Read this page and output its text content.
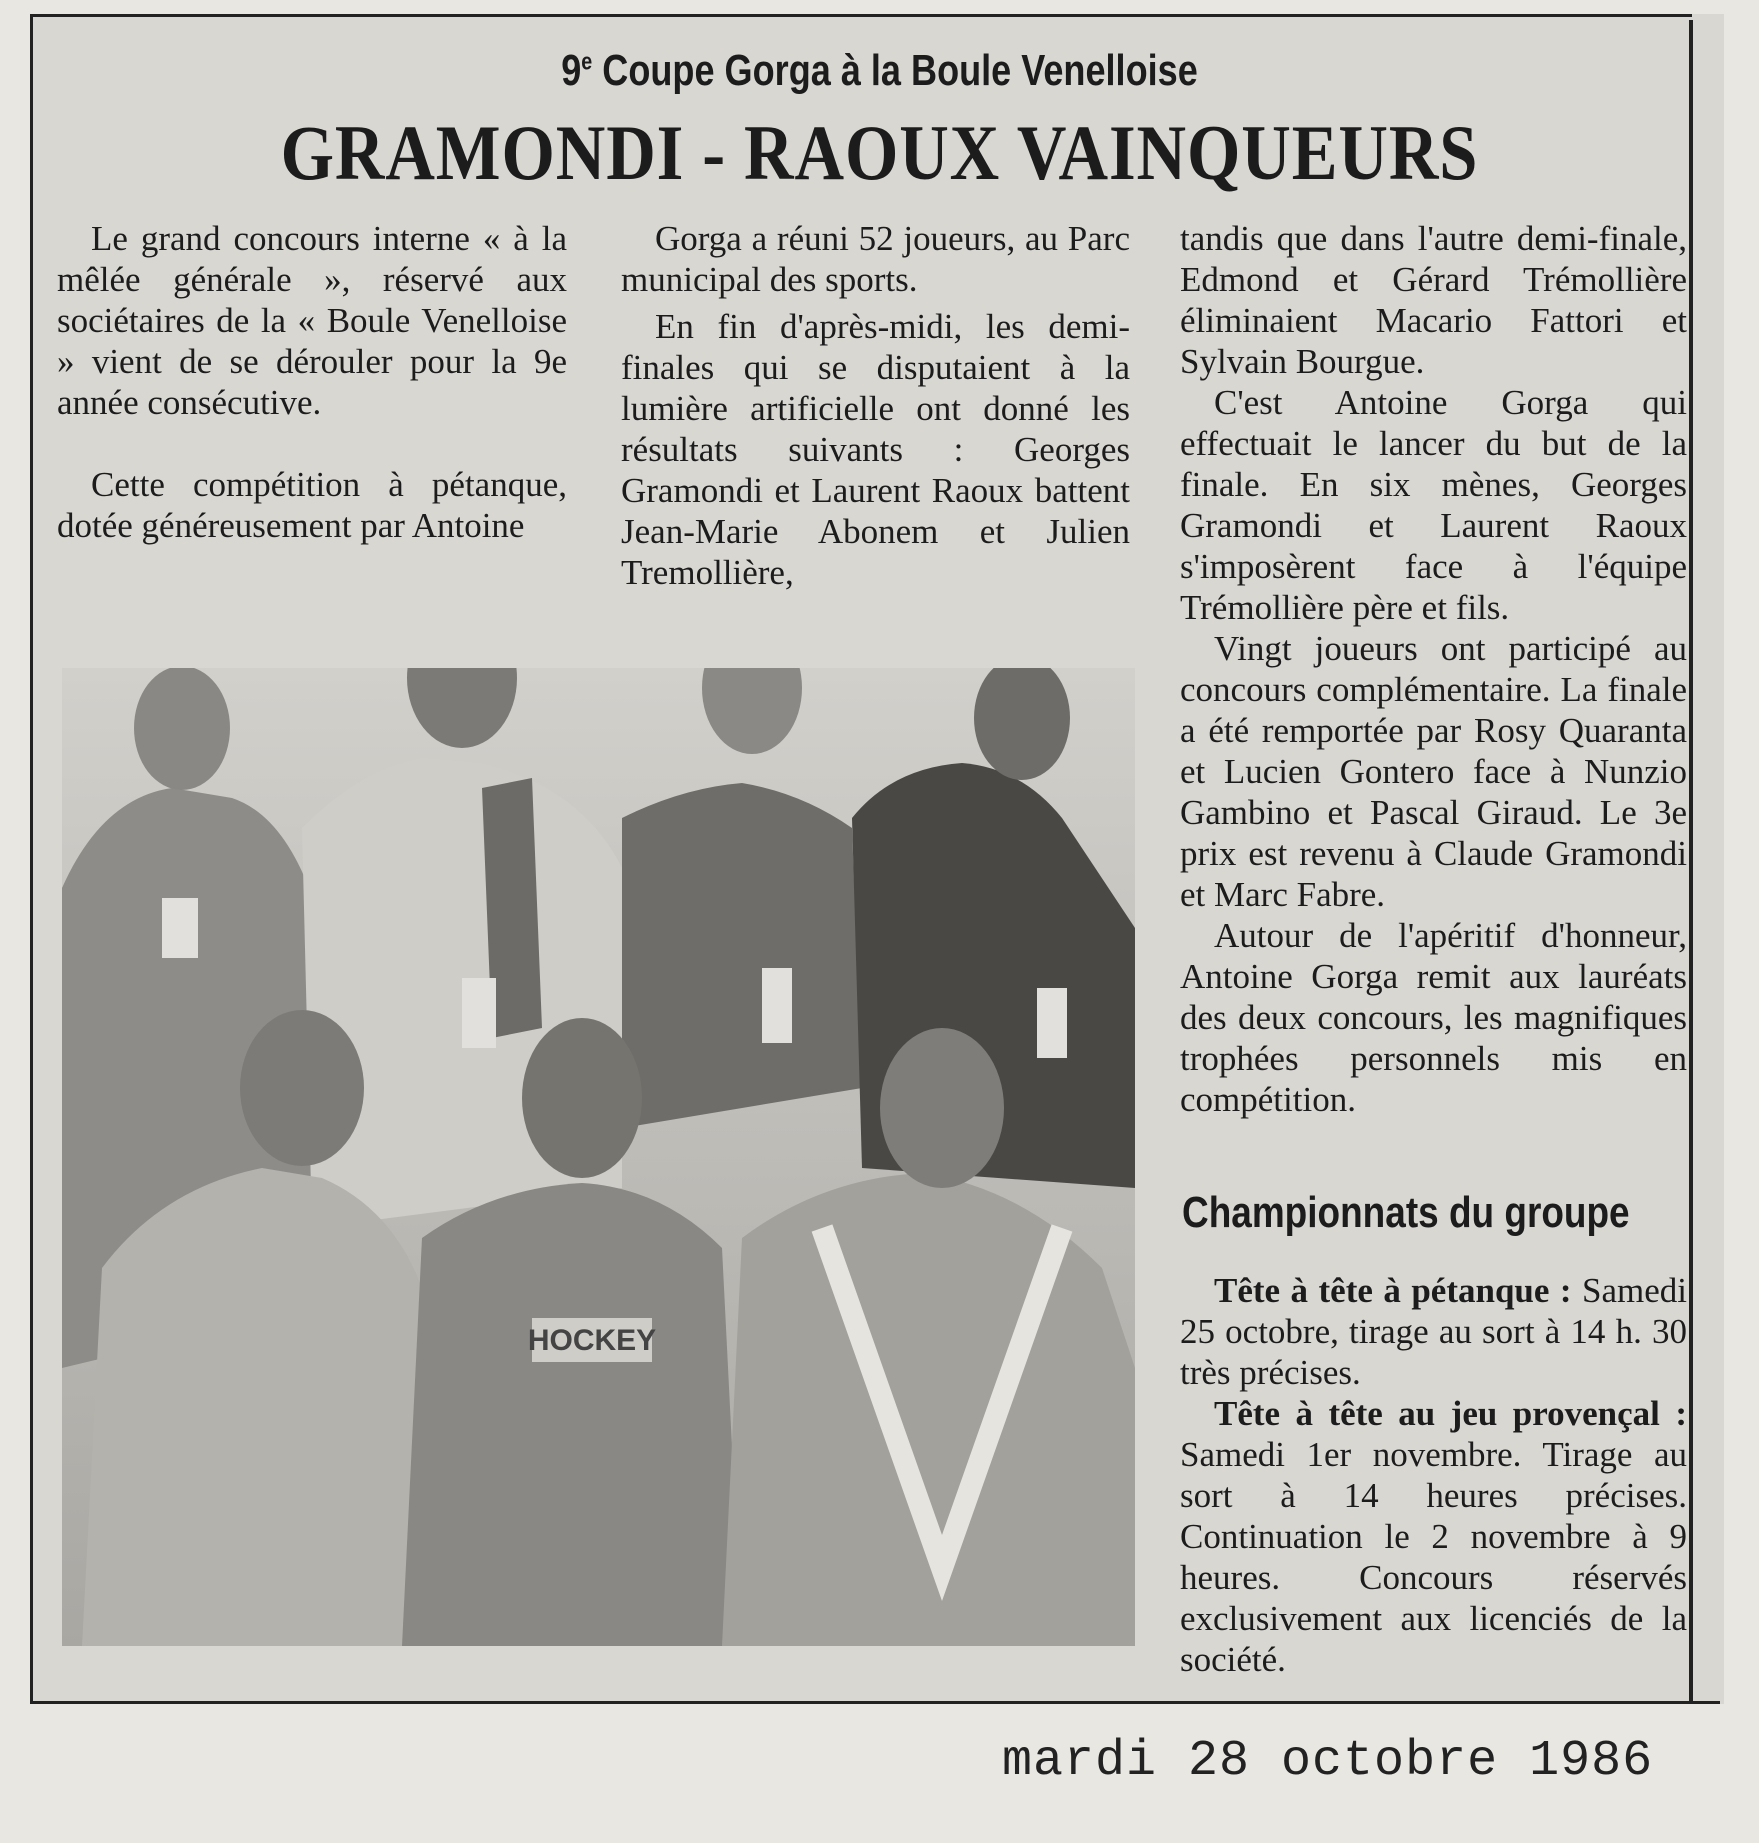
9e Coupe Gorga à la Boule Venelloise
GRAMONDI - RAOUX VAINQUEURS

Le grand concours interne « à la mêlée générale », réservé aux sociétaires de la « Boule Venelloise » vient de se dérouler pour la 9e année consécutive.

Cette compétition à pétanque, dotée généreusement par Antoine

Gorga a réuni 52 joueurs, au Parc municipal des sports.

En fin d'après-midi, les demi-finales qui se disputaient à la lumière artificielle ont donné les résultats suivants : Georges Gramondi et Laurent Raoux battent Jean-Marie Abonem et Julien Tremollière,

tandis que dans l'autre demi-finale, Edmond et Gérard Trémollière éliminaient Macario Fattori et Sylvain Bourgue.

C'est Antoine Gorga qui effectuait le lancer du but de la finale. En six mènes, Georges Gramondi et Laurent Raoux s'imposèrent face à l'équipe Trémollière père et fils.

Vingt joueurs ont participé au concours complémentaire. La finale a été remportée par Rosy Quaranta et Lucien Gontero face à Nunzio Gambino et Pascal Giraud. Le 3e prix est revenu à Claude Gramondi et Marc Fabre.

Autour de l'apéritif d'honneur, Antoine Gorga remit aux lauréats des deux concours, les magnifiques trophées personnels mis en compétition.

Championnats du groupe

Tête à tête à pétanque : Samedi 25 octobre, tirage au sort à 14 h. 30 très précises.

Tête à tête au jeu provençal : Samedi 1er novembre. Tirage au sort à 14 heures précises. Continuation le 2 novembre à 9 heures. Concours réservés exclusivement aux licenciés de la société.

HOCKEY
mardi 28 octobre 1986
